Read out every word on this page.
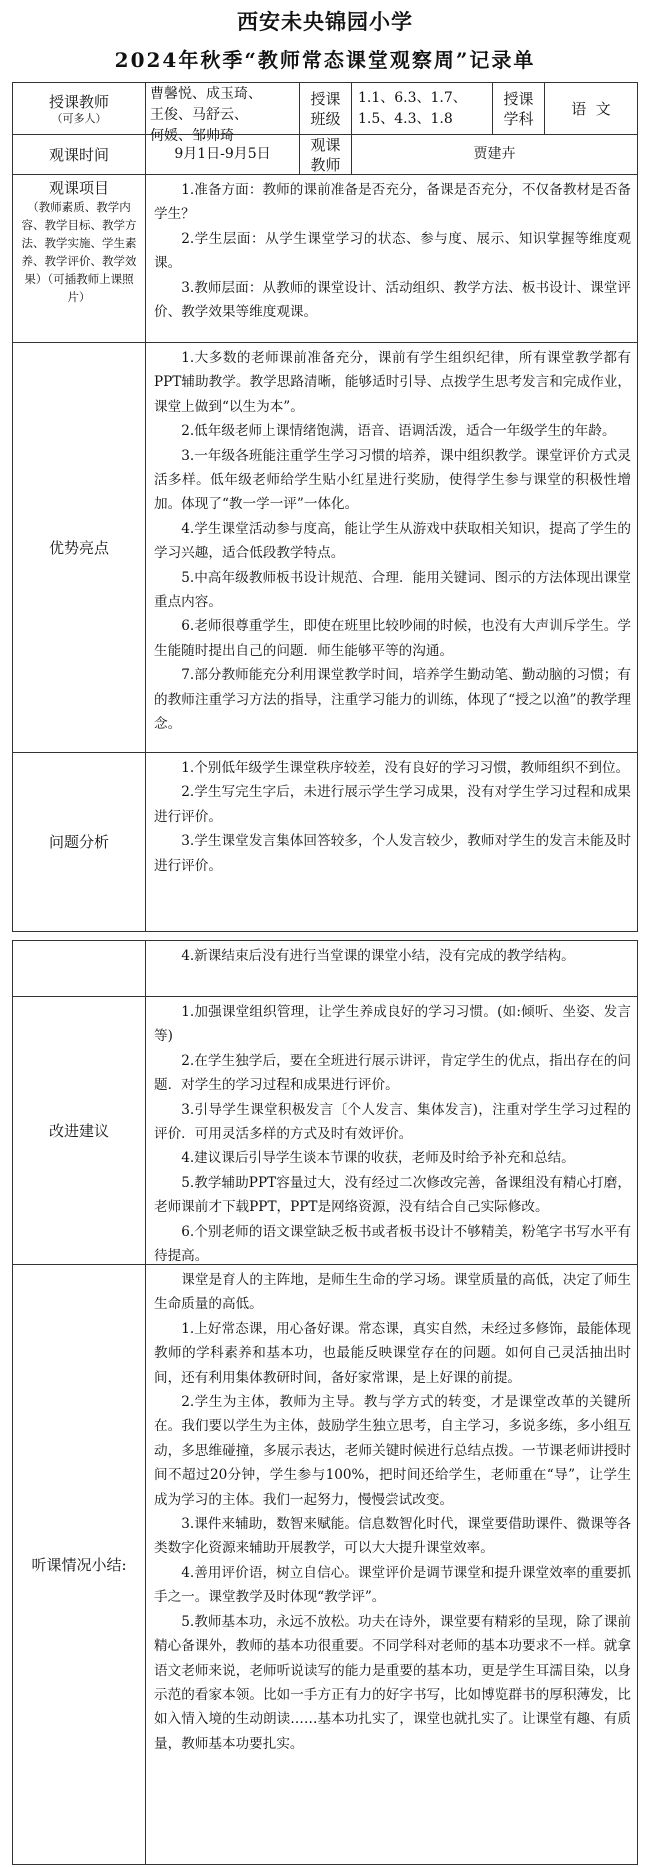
西安未央锦园小学
2024年秋季“教师常态课堂观察周”记录单
授课教师
（可多人）
曹馨悦、成玉琦、
王俊、马舒云、
何媛、邹帅琦
授课
班级
1.1、6.3、1.7、
1.5、4.3、1.8
授课
学科
语  文
观课时间	9月1日-9月5日
观课
教师
贾建卉
观课项目
（教师素质、教学内容、教学目标、教学方法、教学实施、学生素养、教学评价、教学效果）（可插教师上课照片）

1.准备方面：教师的课前准备是否充分，备课是否充分，不仅备教材是否备学生？

2.学生层面：从学生课堂学习的状态、参与度、展示、知识掌握等维度观课。

3.教师层面：从教师的课堂设计、活动组织、教学方法、板书设计、课堂评价、教学效果等维度观课。

优势亮点

1.大多数的老师课前准备充分，课前有学生组织纪律，所有课堂教学都有PPT辅助教学。教学思路清晰，能够适时引导、点拨学生思考发言和完成作业，课堂上做到“以生为本”。

2.低年级老师上课情绪饱满，语音、语调活泼，适合一年级学生的年龄。

3.一年级各班能注重学生学习习惯的培养，课中组织教学。课堂评价方式灵活多样。低年级老师给学生贴小红星进行奖励，使得学生参与课堂的积极性增加。体现了“教一学一评”一体化。

4.学生课堂活动参与度高，能让学生从游戏中获取相关知识，提高了学生的学习兴趣，适合低段教学特点。

5.中高年级教师板书设计规范、合理．能用关键词、图示的方法体现出课堂重点内容。

6.老师很尊重学生，即使在班里比较吵闹的时候，也没有大声训斥学生。学生能随时提出自己的问题．师生能够平等的沟通。

7.部分教师能充分利用课堂教学时间，培养学生勤动笔、勤动脑的习惯；有的教师注重学习方法的指导，注重学习能力的训练，体现了“授之以渔”的教学理念。

问题分析

1.个别低年级学生课堂秩序较差，没有良好的学习习惯，教师组织不到位。

2.学生写完生字后，未进行展示学生学习成果，没有对学生学习过程和成果进行评价。

3.学生课堂发言集体回答较多，个人发言较少，教师对学生的发言未能及时进行评价。

4.新课结束后没有进行当堂课的课堂小结，没有完成的教学结构。

改进建议

1.加强课堂组织管理，让学生养成良好的学习习惯。(如:倾听、坐姿、发言等)

2.在学生独学后，要在全班进行展示讲评，肯定学生的优点，指出存在的问题．对学生的学习过程和成果进行评价。

3.引导学生课堂积极发言〔个人发言、集体发言)，注重对学生学习过程的评价．可用灵活多样的方式及时有效评价。

4.建议课后引导学生谈本节课的收获，老师及时给予补充和总结。

5.教学辅助PPT容量过大，没有经过二次修改完善，备课组没有精心打磨，老师课前才下载PPT，PPT是网络资源，没有结合自己实际修改。

6.个别老师的语文课堂缺乏板书或者板书设计不够精美，粉笔字书写水平有待提高。

听课情况小结:

课堂是育人的主阵地，是师生生命的学习场。课堂质量的高低，决定了师生生命质量的高低。

1.上好常态课，用心备好课。常态课，真实自然，未经过多修饰，最能体现教师的学科素养和基本功，也最能反映课堂存在的问题。如何自己灵活抽出时间，还有利用集体教研时间，备好家常课，是上好课的前提。

2.学生为主体，教师为主导。教与学方式的转变，才是课堂改革的关键所在。我们要以学生为主体，鼓励学生独立思考，自主学习，多说多练，多小组互动，多思维碰撞，多展示表达，老师关键时候进行总结点拨。一节课老师讲授时间不超过20分钟，学生参与100%，把时间还给学生，老师重在“导”，让学生成为学习的主体。我们一起努力，慢慢尝试改变。

3.课件来辅助，数智来赋能。信息数智化时代，课堂要借助课件、微课等各类数字化资源来辅助开展教学，可以大大提升课堂效率。

4.善用评价语，树立自信心。课堂评价是调节课堂和提升课堂效率的重要抓手之一。课堂教学及时体现“教学评”。

5.教师基本功，永远不放松。功夫在诗外，课堂要有精彩的呈现，除了课前精心备课外，教师的基本功很重要。不同学科对老师的基本功要求不一样。就拿语文老师来说，老师听说读写的能力是重要的基本功，更是学生耳濡目染，以身示范的看家本领。比如一手方正有力的好字书写，比如博览群书的厚积薄发，比如入情入境的生动朗读……基本功扎实了，课堂也就扎实了。让课堂有趣、有质量，教师基本功要扎实。
